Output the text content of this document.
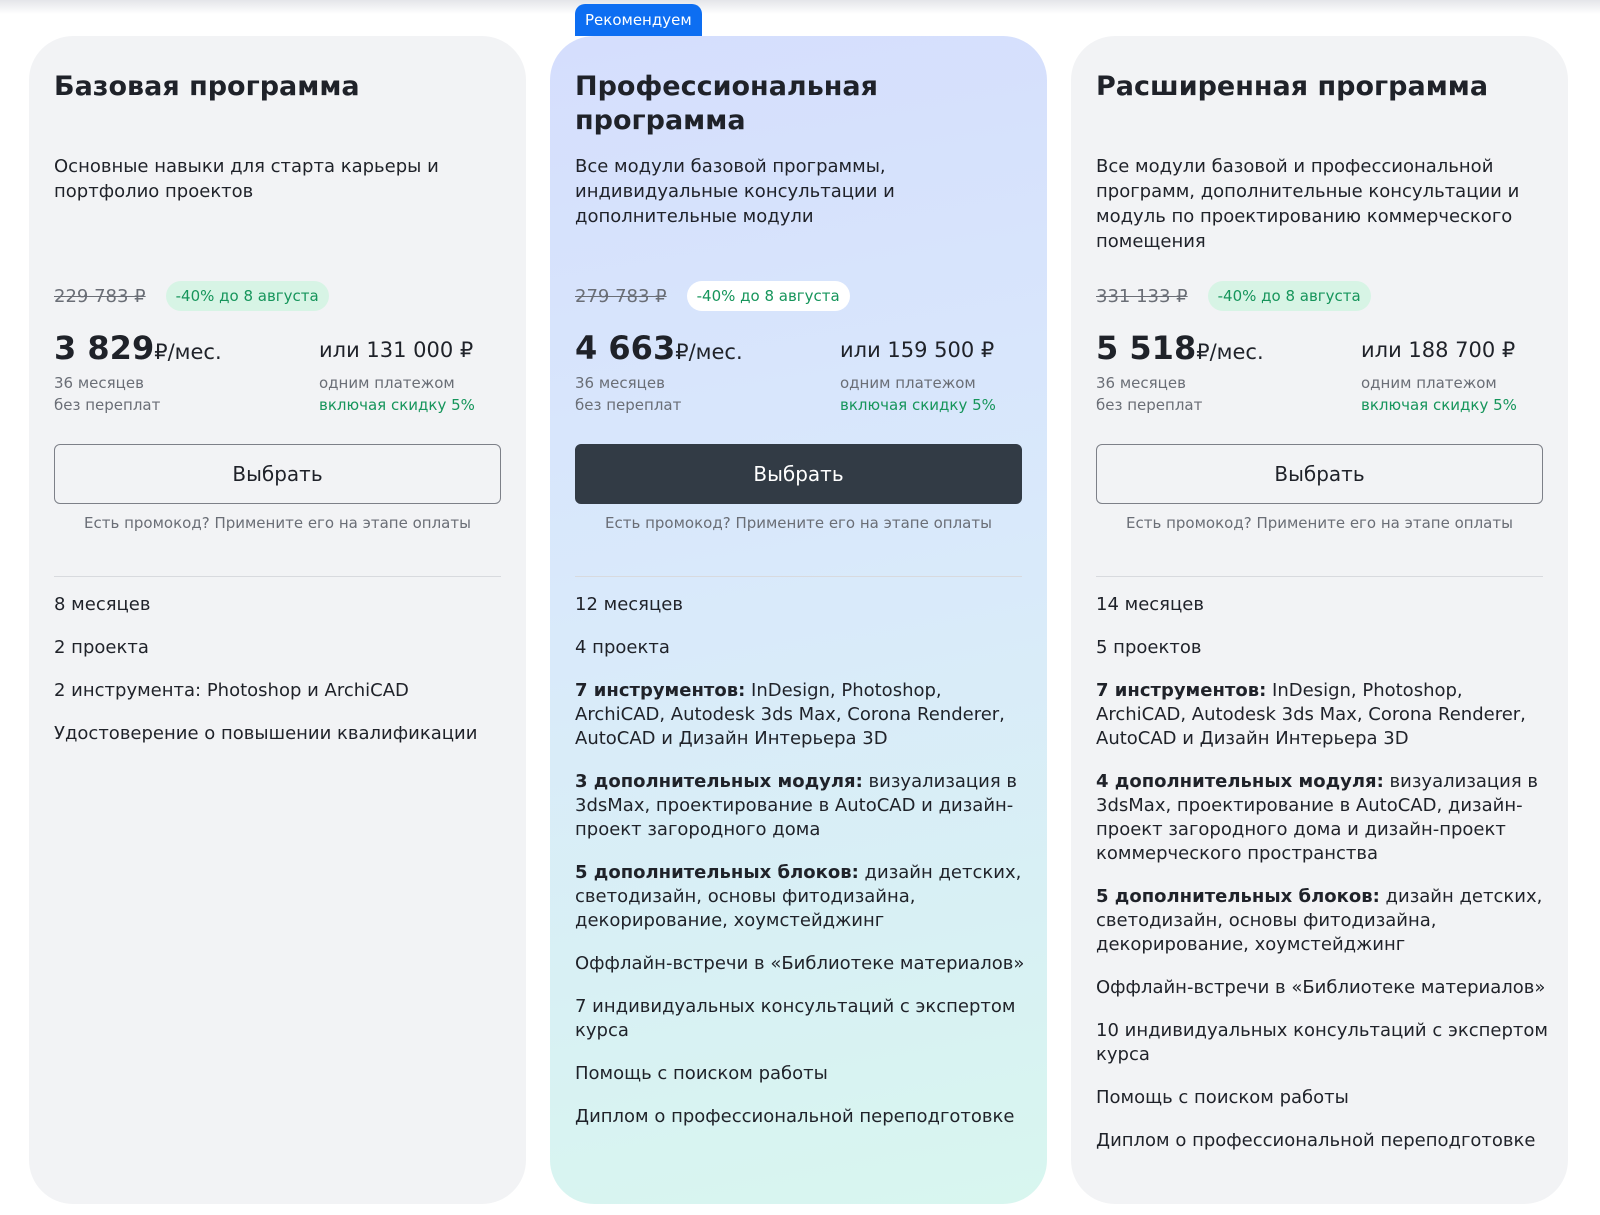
Базовая программа
Основные навыки для старта карьеры и портфолио проектов
229 783 ₽	-40% до 8 августа
3 829₽/мес.	или 131 000 ₽
36 месяцев
без переплат
одним платежом
включая скидку 5%
Выбрать
Есть промокод? Примените его на этапе оплаты
8 месяцев
2 проекта
2 инструмента: Photoshop и ArchiCAD
Удостоверение о повышении квалификации
Рекомендуем
Профессиональная программа
Все модули базовой программы, индивидуальные консультации и дополнительные модули
279 783 ₽	-40% до 8 августа
4 663₽/мес.	или 159 500 ₽
36 месяцев
без переплат
одним платежом
включая скидку 5%
Выбрать
Есть промокод? Примените его на этапе оплаты
12 месяцев
4 проекта
7 инструментов: InDesign, Photoshop, ArchiCAD, Autodesk 3ds Max, Corona Renderer, AutoCAD и Дизайн Интерьера 3D
3 дополнительных модуля: визуализация в 3dsMax, проектирование в AutoCAD и дизайн-проект загородного дома
5 дополнительных блоков: дизайн детских, светодизайн, основы фитодизайна, декорирование, хоумстейджинг
Оффлайн-встречи в «Библиотеке материалов»
7 индивидуальных консультаций с экспертом курса
Помощь с поиском работы
Диплом о профессиональной переподготовке
Расширенная программа
Все модули базовой и профессиональной программ, дополнительные консультации и модуль по проектированию коммерческого помещения
331 133 ₽	-40% до 8 августа
5 518₽/мес.	или 188 700 ₽
36 месяцев
без переплат
одним платежом
включая скидку 5%
Выбрать
Есть промокод? Примените его на этапе оплаты
14 месяцев
5 проектов
7 инструментов: InDesign, Photoshop, ArchiCAD, Autodesk 3ds Max, Corona Renderer, AutoCAD и Дизайн Интерьера 3D
4 дополнительных модуля: визуализация в 3dsMax, проектирование в AutoCAD, дизайн-проект загородного дома и дизайн-проект коммерческого пространства
5 дополнительных блоков: дизайн детских, светодизайн, основы фитодизайна, декорирование, хоумстейджинг
Оффлайн-встречи в «Библиотеке материалов»
10 индивидуальных консультаций с экспертом курса
Помощь с поиском работы
Диплом о профессиональной переподготовке
